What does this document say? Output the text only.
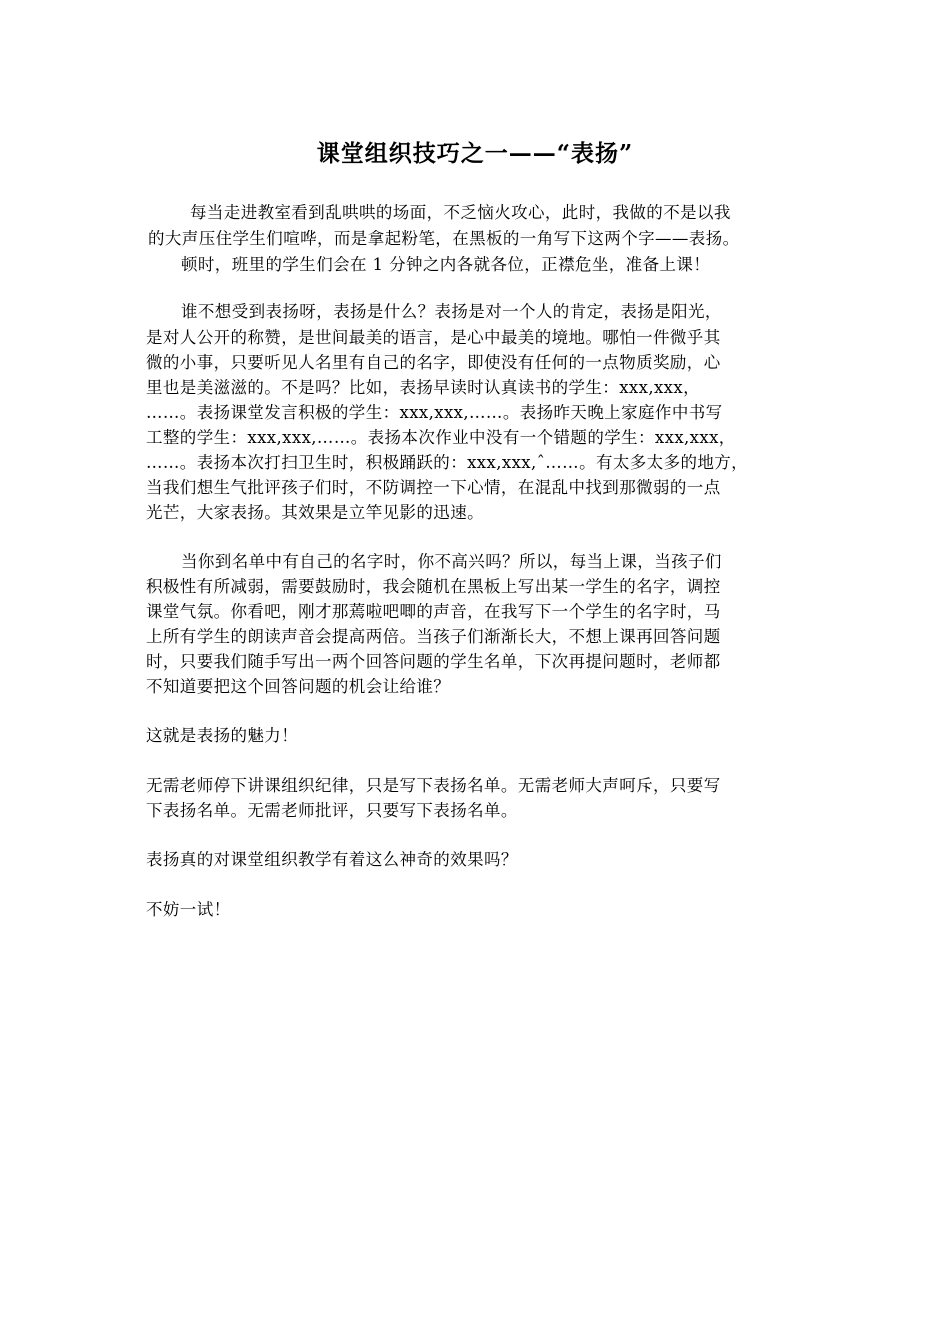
课堂组织技巧之一——“表扬”
每当走进教室看到乱哄哄的场面，不乏恼火攻心，此时，我做的不是以我
的大声压住学生们喧哗，而是拿起粉笔，在黑板的一角写下这两个字——表扬。
顿时，班里的学生们会在 1 分钟之内各就各位，正襟危坐，准备上课！
谁不想受到表扬呀，表扬是什么？表扬是对一个人的肯定，表扬是阳光，
是对人公开的称赞，是世间最美的语言，是心中最美的境地。哪怕一件微乎其
微的小事，只要听见人名里有自己的名字，即使没有任何的一点物质奖励，心
里也是美滋滋的。不是吗？比如，表扬早读时认真读书的学生：xxx,xxx，
……。表扬课堂发言积极的学生：xxx,xxx,……。表扬昨天晚上家庭作中书写
工整的学生：xxx,xxx,……。表扬本次作业中没有一个错题的学生：xxx,xxx，
……。表扬本次打扫卫生时，积极踊跃的：xxx,xxx,ˆ……。有太多太多的地方，
当我们想生气批评孩子们时，不防调控一下心情，在混乱中找到那微弱的一点
光芒，大家表扬。其效果是立竿见影的迅速。
当你到名单中有自己的名字时，你不高兴吗？所以，每当上课，当孩子们
积极性有所减弱，需要鼓励时，我会随机在黑板上写出某一学生的名字，调控
课堂气氛。你看吧，刚才那蔫啦吧唧的声音，在我写下一个学生的名字时，马
上所有学生的朗读声音会提高两倍。当孩子们渐渐长大，不想上课再回答问题
时，只要我们随手写出一两个回答问题的学生名单，下次再提问题时，老师都
不知道要把这个回答问题的机会让给谁？
这就是表扬的魅力！
无需老师停下讲课组织纪律，只是写下表扬名单。无需老师大声呵斥，只要写
下表扬名单。无需老师批评，只要写下表扬名单。
表扬真的对课堂组织教学有着这么神奇的效果吗？
不妨一试！
